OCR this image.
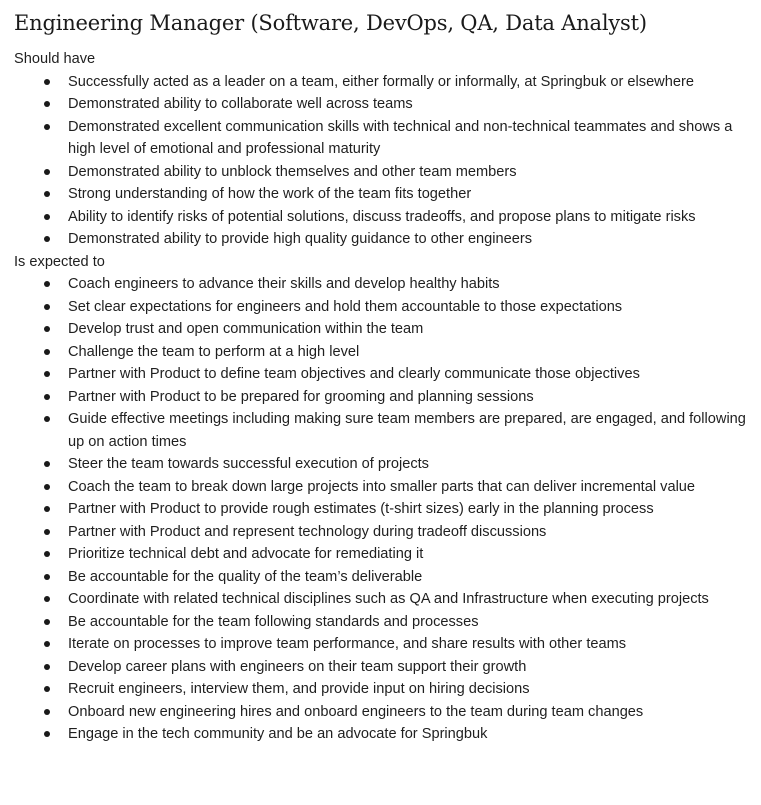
Engineering Manager (Software, DevOps, QA, Data Analyst)

Should have

Successfully acted as a leader on a team, either formally or informally, at Springbuk or elsewhere
Demonstrated ability to collaborate well across teams
Demonstrated excellent communication skills with technical and non-technical teammates and shows a high level of emotional and professional maturity
Demonstrated ability to unblock themselves and other team members
Strong understanding of how the work of the team fits together
Ability to identify risks of potential solutions, discuss tradeoffs, and propose plans to mitigate risks
Demonstrated ability to provide high quality guidance to other engineers

Is expected to

Coach engineers to advance their skills and develop healthy habits
Set clear expectations for engineers and hold them accountable to those expectations
Develop trust and open communication within the team
Challenge the team to perform at a high level
Partner with Product to define team objectives and clearly communicate those objectives
Partner with Product to be prepared for grooming and planning sessions
Guide effective meetings including making sure team members are prepared, are engaged, and following up on action times
Steer the team towards successful execution of projects
Coach the team to break down large projects into smaller parts that can deliver incremental value
Partner with Product to provide rough estimates (t-shirt sizes) early in the planning process
Partner with Product and represent technology during tradeoff discussions
Prioritize technical debt and advocate for remediating it
Be accountable for the quality of the team’s deliverable
Coordinate with related technical disciplines such as QA and Infrastructure when executing projects
Be accountable for the team following standards and processes
Iterate on processes to improve team performance, and share results with other teams
Develop career plans with engineers on their team support their growth
Recruit engineers, interview them, and provide input on hiring decisions
Onboard new engineering hires and onboard engineers to the team during team changes
Engage in the tech community and be an advocate for Springbuk
